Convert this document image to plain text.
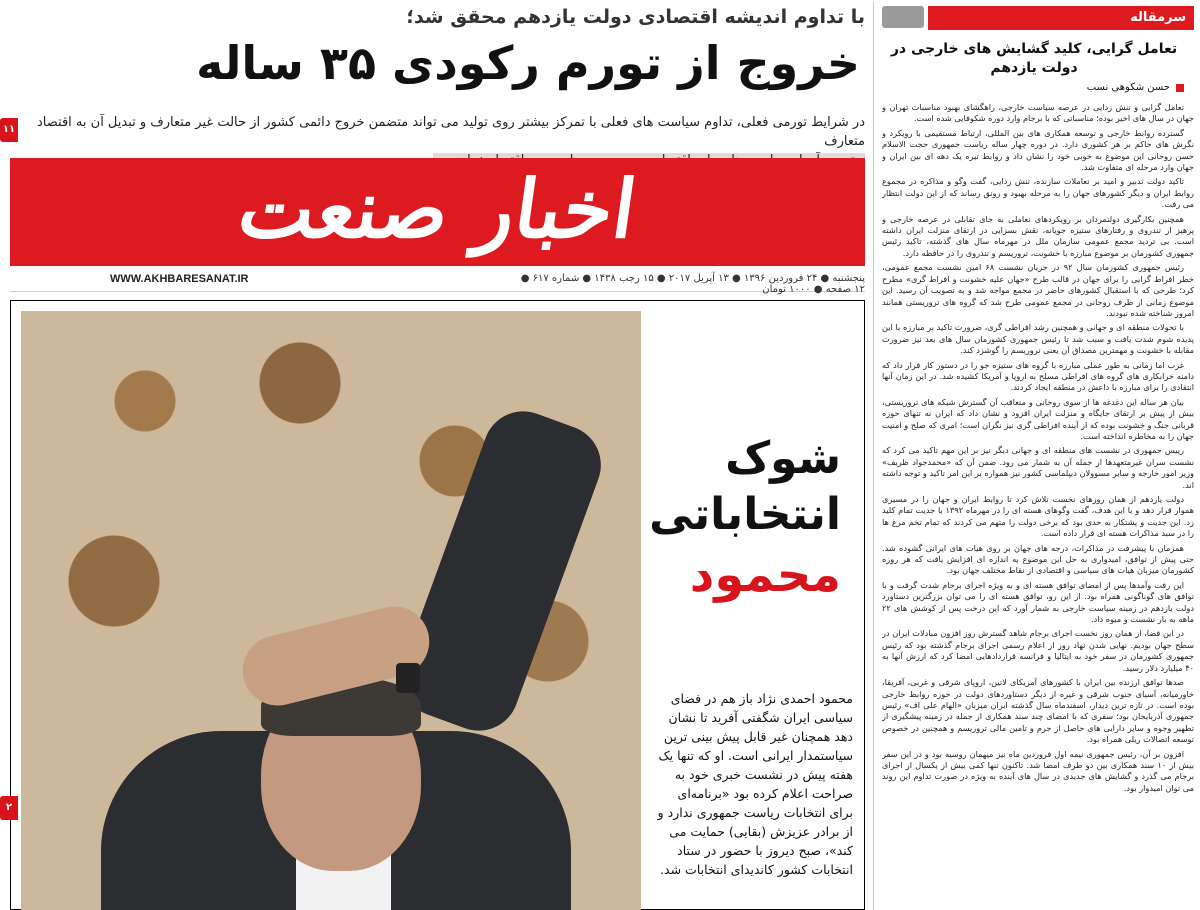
با تداوم اندیشه اقتصادی دولت یازدهم محقق شد؛
خروج از تورم رکودی ۳۵ ساله
در شرایط تورمی فعلی، تداوم سیاست های فعلی با تمرکز بیشتر روی تولید می تواند متضمن خروج دائمی کشور از حالت غیر متعارف و تبدیل آن به اقتصاد متعارف
۱۱
اخبار صنعت
WWW.AKHBARESANAT.IR	پنجشنبه ● ۲۴ فروردین ۱۳۹۶ ● ۱۳ آپریل ۲۰۱۷ ● ۱۵ رجب ۱۴۳۸ ● شماره ۶۱۷ ● ۱۲ صفحه ● ۱۰۰۰ تومان
شوک
انتخاباتی
محمود
محمود احمدی نژاد باز هم در فضای سیاسی ایران شگفتی آفرید تا نشان دهد همچنان غیر قابل پیش بینی ترین سیاستمدار ایرانی است. او که تنها یک هفته پیش در نشست خبری خود به صراحت اعلام کرده بود «برنامه‌ای برای انتخابات ریاست جمهوری ندارد و از برادر عزیزش (بقایی) حمایت می کند»، صبح دیروز با حضور در ستاد انتخابات کشور کاندیدای انتخابات شد.
۲
سرمقاله
تعامل گرایی، کلید گشایش های خارجی در دولت یازدهم
حسن شکوهی نسب

تعامل گرایی و تنش زدایی در عرصه سیاست خارجی، راهگشای بهبود مناسبات تهران و جهان در سال های اخیر بوده؛ مناسباتی که با برجام وارد دوره شکوفایی شده است.

گسترده روابط خارجی و توسعه همکاری های بین المللی، ارتباط مستقیمی با رویکرد و نگرش های حاکم بر هر کشوری دارد. در دوره چهار ساله ریاست جمهوری حجت الاسلام حسن روحانی این موضوع به خوبی خود را نشان داد و روابط تیره یک دهه ای بین ایران و جهان وارد مرحله ای متفاوت شد.

تاکید دولت تدبیر و امید بر تعاملات سازنده، تنش زدایی، گفت وگو و مذاکره در مجموع روابط ایران و دیگر کشورهای جهان را به مرحله بهبود و رونق رساند که از این دولت انتظار می رفت.

همچنین بکارگیری دولتمردان بر رویکردهای تعاملی به جای تقابلی در عرصه خارجی و پرهیز از تندروی و رفتارهای ستیزه جویانه، نقش بسزایی در ارتقای منزلت ایران داشته است. بی تردید مجمع عمومی سازمان ملل در مهرماه سال های گذشته، تاکید رئیس جمهوری کشورمان بر موضوع مبارزه با خشونت، تروریسم و تندروی را در حافظه دارد.

رئیس جمهوری کشورمان سال ۹۲ در جریان نشست ۶۸ امین نشست مجمع عمومی، خطر افراط گرایی را برای جهان در قالب طرح «جهان علیه خشونت و افراط گری» مطرح کرد؛ طرحی که با استقبال کشورهای حاضر در مجمع مواجه شد و به تصویب آن رسید. این موضوع زمانی از طرف روحانی در مجمع عمومی طرح شد که گروه های تروریستی همانند امروز شناخته شده نبودند.

با تحولات منطقه ای و جهانی و همچنین رشد افراطی گری، ضرورت تاکید بر مبارزه با این پدیده شوم شدت یافت و سبب شد تا رئیس جمهوری کشورمان سال های بعد نیز ضرورت مقابله با خشونت و مهمترین مصداق آن یعنی تروریسم را گوشزد کند.

غرب اما زمانی به طور عملی مبارزه با گروه های ستیزه جو را در دستور کار قرار داد که دامنه خرابکاری های گروه های افراطی مسلح به اروپا و آمریکا کشیده شد. در این زمان آنها انتقادی را برای مبارزه با داعش در منطقه ایجاد کردند.

بیان هر ساله این دغدغه ها از سوی روحانی و متعاقب آن گسترش شبکه های تروریستی، بیش از پیش بر ارتقای جایگاه و منزلت ایران افزود و نشان داد که ایران نه تنهای حوزه قربانی جنگ و خشونت بوده که از آینده افراطی گری نیز نگران است؛ امری که صلح و امنیت جهان را به مخاطره انداخته است.

رییس جمهوری در نشست های منطقه ای و جهانی دیگر نیز بر این مهم تاکید می کرد که نشست سران غیرمتعهدها از جمله آن به شمار می رود. ضمن آن که «محمدجواد ظریف» وزیر امور خارجه و سایر مسوولان دیپلماسی کشور نیز همواره بر این امر تاکید و توجه داشته اند.

دولت یازدهم از همان روزهای نخست تلاش کرد تا روابط ایران و جهان را در مسیری هموار قرار دهد و با این هدف، گفت وگوهای هسته ای را در مهرماه ۱۳۹۲ با جدیت تمام کلید زد. این جدیت و پشتکار به حدی بود که برخی دولت را متهم می کردند که تمام تخم مرغ ها را در سبد مذاکرات هسته ای قرار داده است.

همزمان با پیشرفت در مذاکرات، درجه های جهان بر روی هیات های ایرانی گشوده شد. حتی پیش از توافق، امیدواری به حل این موضوع به اندازه ای افزایش یافت که هر روزه کشورمان میزبان هیات های سیاسی و اقتصادی از نقاط مختلف جهان بود.

این رفت وآمدها پس از امضای توافق هسته ای و به ویژه اجرای برجام شدت گرفت و با توافق های گوناگونی همراه بود. از این رو، توافق هسته ای را می توان بزرگترین دستاورد دولت یازدهم در زمینه سیاست خارجی به شمار آورد که این درخت پس از کوشش های ۲۲ ماهه به بار نشست و میوه داد.

در این فضا، از همان روز نخست اجرای برجام شاهد گسترش روز افزون مبادلات ایران در سطح جهان بودیم. نهایی شدن نهاد روز از اعلام رسمی اجرای برجام گذشته بود که رئیس جمهوری کشورمان در سفر خود به ایتالیا و فرانسه قراردادهایی امضا کرد که ارزش آنها به ۴۰ میلیارد دلار رسید.

صدها توافق ارزنده بین ایران با کشورهای آمریکای لاتین، اروپای شرقی و غربی، آفریقا، خاورمیانه، آسیای جنوب شرقی و غیره از دیگر دستاوردهای دولت در حوزه روابط خارجی بوده است. در تازه ترین دیدار، اسفندماه سال گذشته ایران میزبان «الهام علی اف» رئیس جمهوری آذربایجان بود؛ سفری که با امضای چند سند همکاری از جمله در زمینه پیشگیری از تطهیر وجوه و سایر دارایی های حاصل از جرم و تامین مالی تروریسم و همچنین در خصوص توسعه اتصالات ریلی همراه بود.

افزون بر آن، رئیس جمهوری نیمه اول فروردین ماه نیز میهمان روسیه بود و در این سفر بیش از ۱۰ سند همکاری بین دو طرف امضا شد. تاکنون تنها کمی بیش از یکسال از اجرای برجام می گذرد و گشایش های جدیدی در سال های آینده به ویژه در صورت تداوم این روند می توان امیدوار بود.
